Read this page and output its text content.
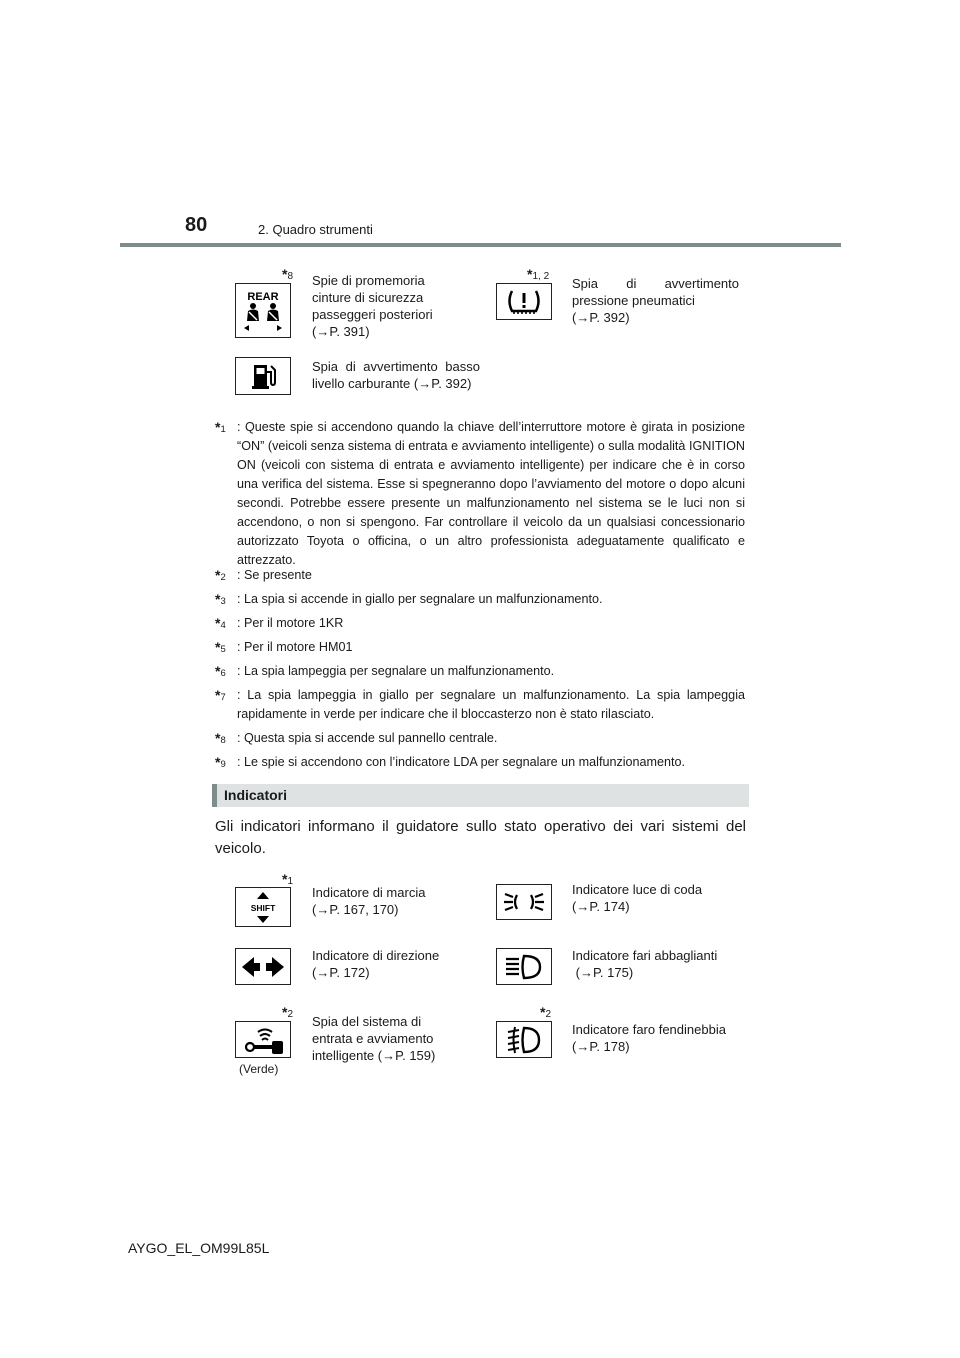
80	2. Quadro strumenti
*8
REAR
Spie di promemoria
cinture di sicurezza
passeggeri posteriori
(→P. 391)
*1, 2 Spia di avvertimento
pressione pneumatici
(→P. 392)
Spia di avvertimento basso
livello carburante (→P. 392)
*1 : Queste spie si accendono quando la chiave dell’interruttore motore è girata in posizione “ON” (veicoli senza sistema di entrata e avviamento intelligente) o sulla modalità IGNITION ON (veicoli con sistema di entrata e avviamento intelligente) per indicare che è in corso una verifica del sistema. Esse si spegneranno dopo l’avviamento del motore o dopo alcuni secondi. Potrebbe essere presente un malfunzionamento nel sistema se le luci non si accendono, o non si spengono. Far controllare il veicolo da un qualsiasi concessionario autorizzato Toyota o officina, o un altro professionista adeguatamente qualificato e attrezzato.
*2 : Se presente
*3 : La spia si accende in giallo per segnalare un malfunzionamento.
*4 : Per il motore 1KR
*5 : Per il motore HM01
*6 : La spia lampeggia per segnalare un malfunzionamento.
*7 : La spia lampeggia in giallo per segnalare un malfunzionamento. La spia lampeggia rapidamente in verde per indicare che il bloccasterzo non è stato rilasciato.
*8 : Questa spia si accende sul pannello centrale.
*9 : Le spie si accendono con l’indicatore LDA per segnalare un malfunzionamento.
Indicatori
Gli indicatori informano il guidatore sullo stato operativo dei vari sistemi del veicolo.
*1
SHIFT
Indicatore di marcia
(→P. 167, 170)
Indicatore luce di coda
(→P. 174)
Indicatore di direzione
(→P. 172)
Indicatore fari abbaglianti
(→P. 175)
*2
(Verde)
Spia del sistema di
entrata e avviamento
intelligente (→P. 159)
*2
Indicatore faro fendinebbia
(→P. 178)
AYGO_EL_OM99L85L
